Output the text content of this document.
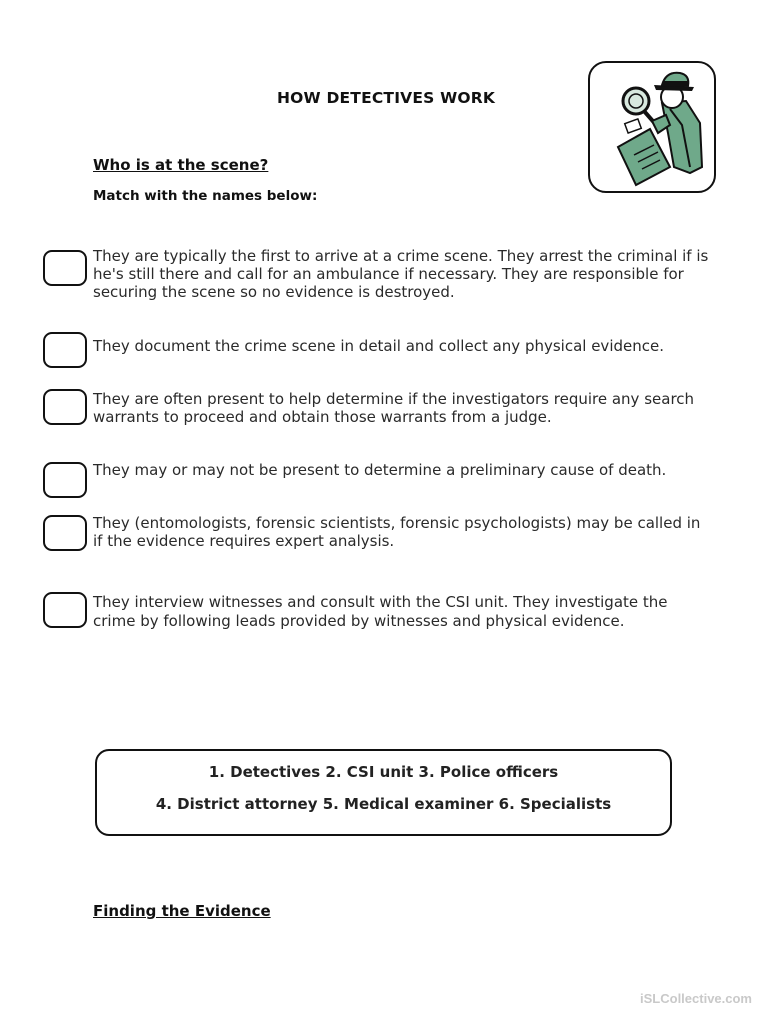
HOW DETECTIVES WORK
Who is at the scene?
Match with the names below:
They are typically the first to arrive at a crime scene. They arrest the criminal if is he's still there and call for an ambulance if necessary. They are responsible for securing the scene so no evidence is destroyed.
They document the crime scene in detail and collect any physical evidence.
They are often present to help determine if the investigators require any search warrants to proceed and obtain those warrants from a judge.
They may or may not be present to determine a preliminary cause of death.
They (entomologists, forensic scientists, forensic psychologists) may be called in if the evidence requires expert analysis.
They interview witnesses and consult with the CSI unit. They investigate the crime by following leads provided by witnesses and physical evidence.
1. Detectives 2. CSI unit 3. Police officers
4. District attorney 5. Medical examiner 6. Specialists
Finding the Evidence
iSLCollective.com
